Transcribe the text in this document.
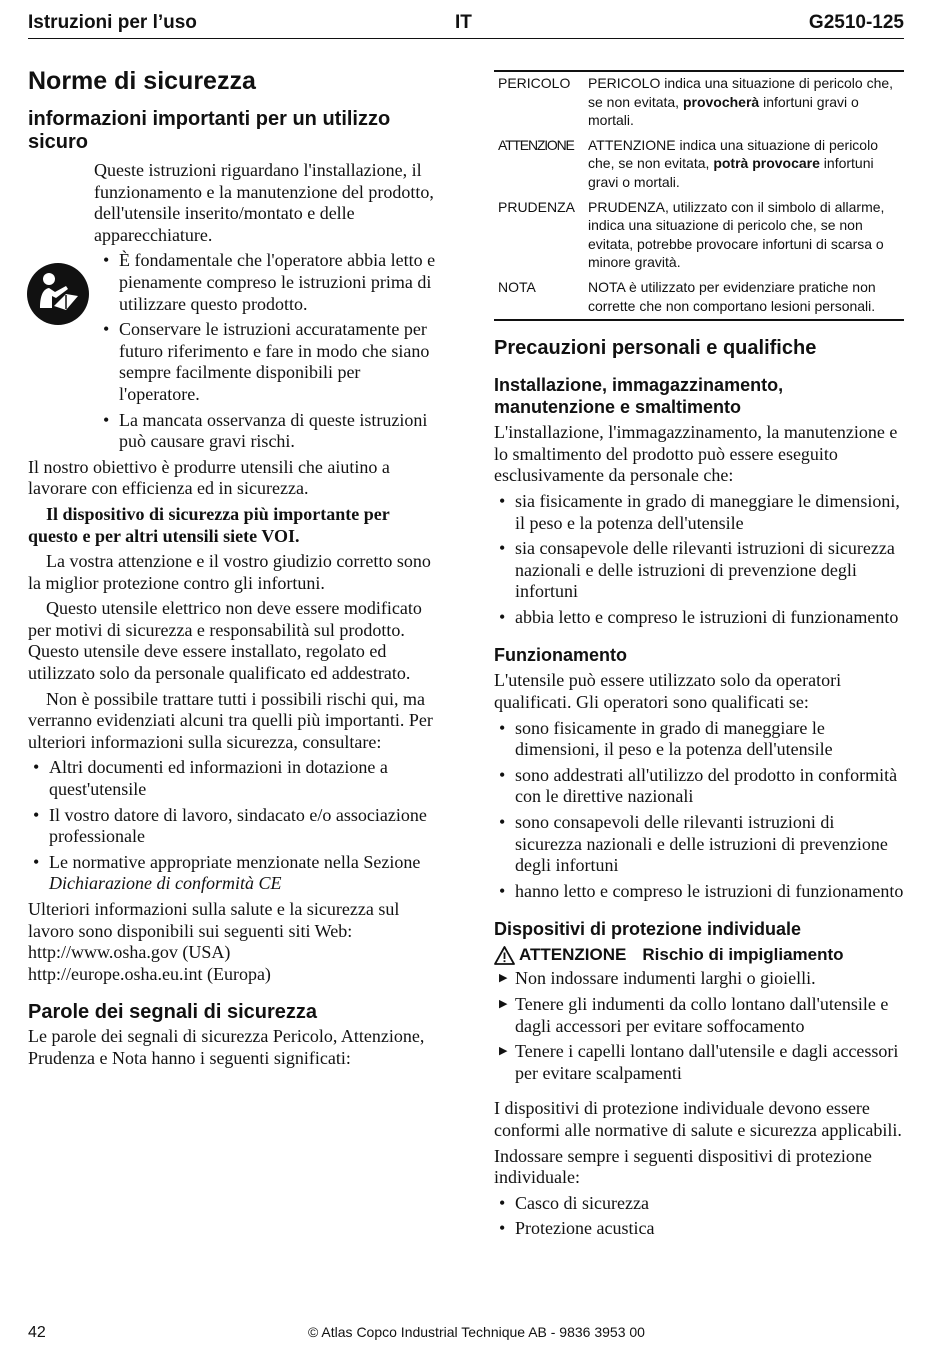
Istruzioni per l’uso	IT	G2510-125
Norme di sicurezza
informazioni importanti per un utilizzo sicuro

Queste istruzioni riguardano l'installazione, il funzionamento e la manutenzione del prodotto, dell'utensile inserito/montato e delle apparecchiature.

• È fondamentale che l'operatore abbia letto e pienamente compreso le istruzioni prima di utilizzare questo prodotto.
• Conservare le istruzioni accuratamente per futuro riferimento e fare in modo che siano sempre facilmente disponibili per l'operatore.
• La mancata osservanza di queste istruzioni può causare gravi rischi.

Il nostro obiettivo è produrre utensili che aiutino a lavorare con efficienza ed in sicurezza.

Il dispositivo di sicurezza più importante per questo e per altri utensili siete VOI.

La vostra attenzione e il vostro giudizio corretto sono la miglior protezione contro gli infortuni.

Questo utensile elettrico non deve essere modificato per motivi di sicurezza e responsabilità sul prodotto. Questo utensile deve essere installato, regolato ed utilizzato solo da personale qualificato ed addestrato.

Non è possibile trattare tutti i possibili rischi qui, ma verranno evidenziati alcuni tra quelli più importanti. Per ulteriori informazioni sulla sicurezza, consultare:

• Altri documenti ed informazioni in dotazione a quest'utensile
• Il vostro datore di lavoro, sindacato e/o associazione professionale
• Le normative appropriate menzionate nella Sezione Dichiarazione di conformità CE

Ulteriori informazioni sulla salute e la sicurezza sul lavoro sono disponibili sui seguenti siti Web:

http://www.osha.gov (USA)

http://europe.osha.eu.int (Europa)

Parole dei segnali di sicurezza

Le parole dei segnali di sicurezza Pericolo, Attenzione, Prudenza e Nota hanno i seguenti significati:

PERICOLO	PERICOLO indica una situazione di pericolo che, se non evitata, provocherà infortuni gravi o mortali.
ATTENZIONE	ATTENZIONE indica una situazione di pericolo che, se non evitata, potrà provocare infortuni gravi o mortali.
PRUDENZA	PRUDENZA, utilizzato con il simbolo di allarme, indica una situazione di pericolo che, se non evitata, potrebbe provocare infortuni di scarsa o minore gravità.
NOTA	NOTA è utilizzato per evidenziare pratiche non corrette che non comportano lesioni personali.
Precauzioni personali e qualifiche
Installazione, immagazzinamento, manutenzione e smaltimento

L'installazione, l'immagazzinamento, la manutenzione e lo smaltimento del prodotto può essere eseguito esclusivamente da personale che:

• sia fisicamente in grado di maneggiare le dimensioni, il peso e la potenza dell'utensile
• sia consapevole delle rilevanti istruzioni di sicurezza nazionali e delle istruzioni di prevenzione degli infortuni
• abbia letto e compreso le istruzioni di funzionamento
Funzionamento

L'utensile può essere utilizzato solo da operatori qualificati. Gli operatori sono qualificati se:

• sono fisicamente in grado di maneggiare le dimensioni, il peso e la potenza dell'utensile
• sono addestrati all'utilizzo del prodotto in conformità con le direttive nazionali
• sono consapevoli delle rilevanti istruzioni di sicurezza nazionali e delle istruzioni di prevenzione degli infortuni
• hanno letto e compreso le istruzioni di funzionamento
Dispositivi di protezione individuale
ATTENZIONE Rischio di impigliamento
▶ Non indossare indumenti larghi o gioielli.
▶ Tenere gli indumenti da collo lontano dall'utensile e dagli accessori per evitare soffocamento
▶ Tenere i capelli lontano dall'utensile e dagli accessori per evitare scalpamenti

I dispositivi di protezione individuale devono essere conformi alle normative di salute e sicurezza applicabili.

Indossare sempre i seguenti dispositivi di protezione individuale:

• Casco di sicurezza
• Protezione acustica
42	© Atlas Copco Industrial Technique AB - 9836 3953 00
